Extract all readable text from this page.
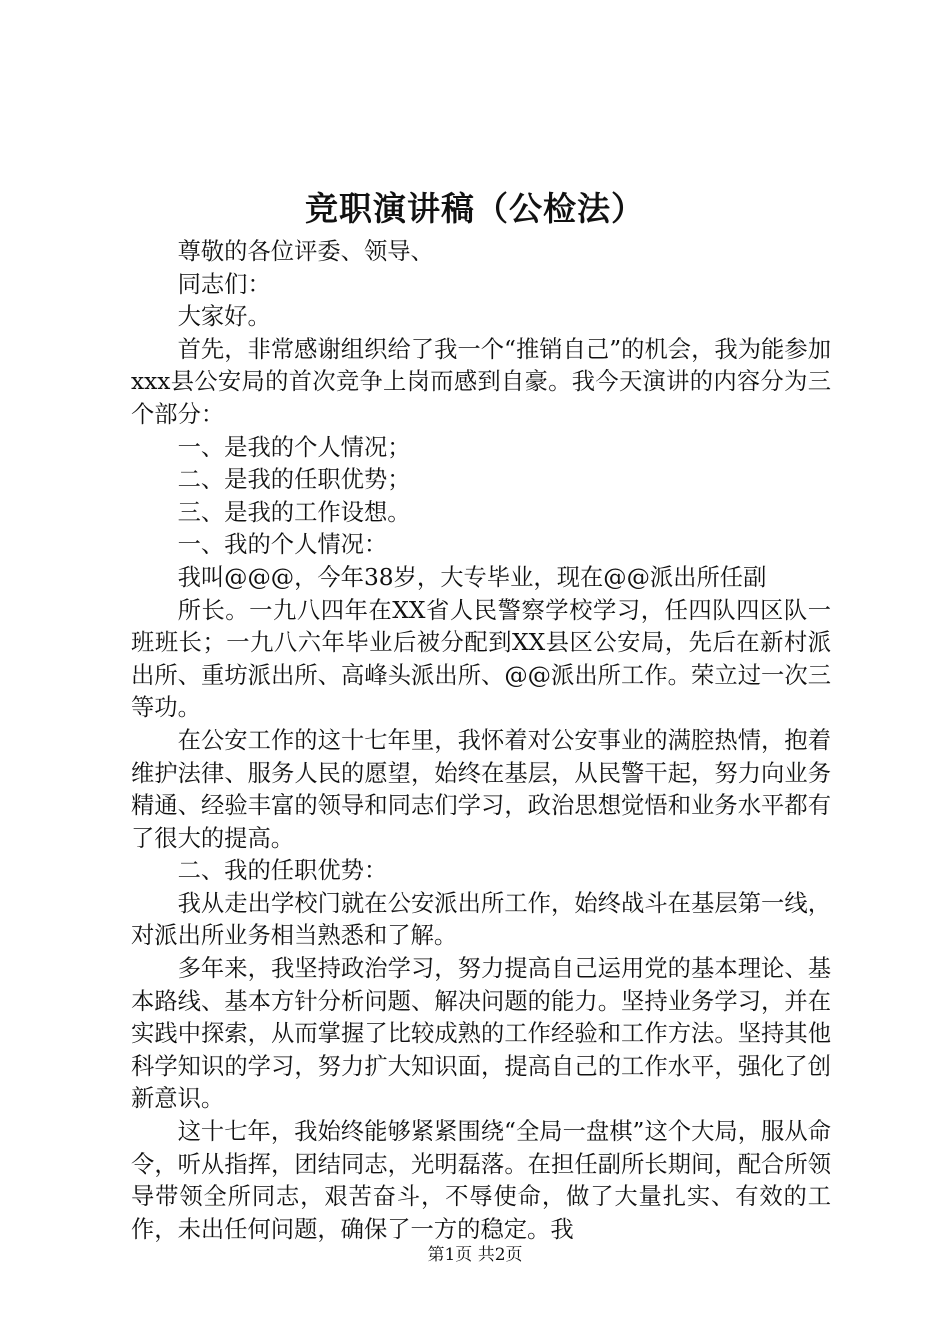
竞职演讲稿（公检法）

尊敬的各位评委、领导、

同志们：

大家好。

首先，非常感谢组织给了我一个“推销自己”的机会，我为能参加xxx县公安局的首次竞争上岗而感到自豪。我今天演讲的内容分为三个部分：

一、是我的个人情况；

二、是我的任职优势；

三、是我的工作设想。

一、我的个人情况：

我叫@@@，今年38岁，大专毕业，现在@@派出所任副

所长。一九八四年在XX省人民警察学校学习，任四队四区队一班班长；一九八六年毕业后被分配到XX县区公安局，先后在新村派出所、重坊派出所、高峰头派出所、@@派出所工作。荣立过一次三等功。

在公安工作的这十七年里，我怀着对公安事业的满腔热情，抱着维护法律、服务人民的愿望，始终在基层，从民警干起，努力向业务精通、经验丰富的领导和同志们学习，政治思想觉悟和业务水平都有了很大的提高。

二、我的任职优势：

我从走出学校门就在公安派出所工作，始终战斗在基层第一线，对派出所业务相当熟悉和了解。

多年来，我坚持政治学习，努力提高自己运用党的基本理论、基本路线、基本方针分析问题、解决问题的能力。坚持业务学习，并在实践中探索，从而掌握了比较成熟的工作经验和工作方法。坚持其他科学知识的学习，努力扩大知识面，提高自己的工作水平，强化了创新意识。

这十七年，我始终能够紧紧围绕“全局一盘棋”这个大局，服从命令，听从指挥，团结同志，光明磊落。在担任副所长期间，配合所领导带领全所同志，艰苦奋斗，不辱使命，做了大量扎实、有效的工作，未出任何问题，确保了一方的稳定。我

第1页 共2页
